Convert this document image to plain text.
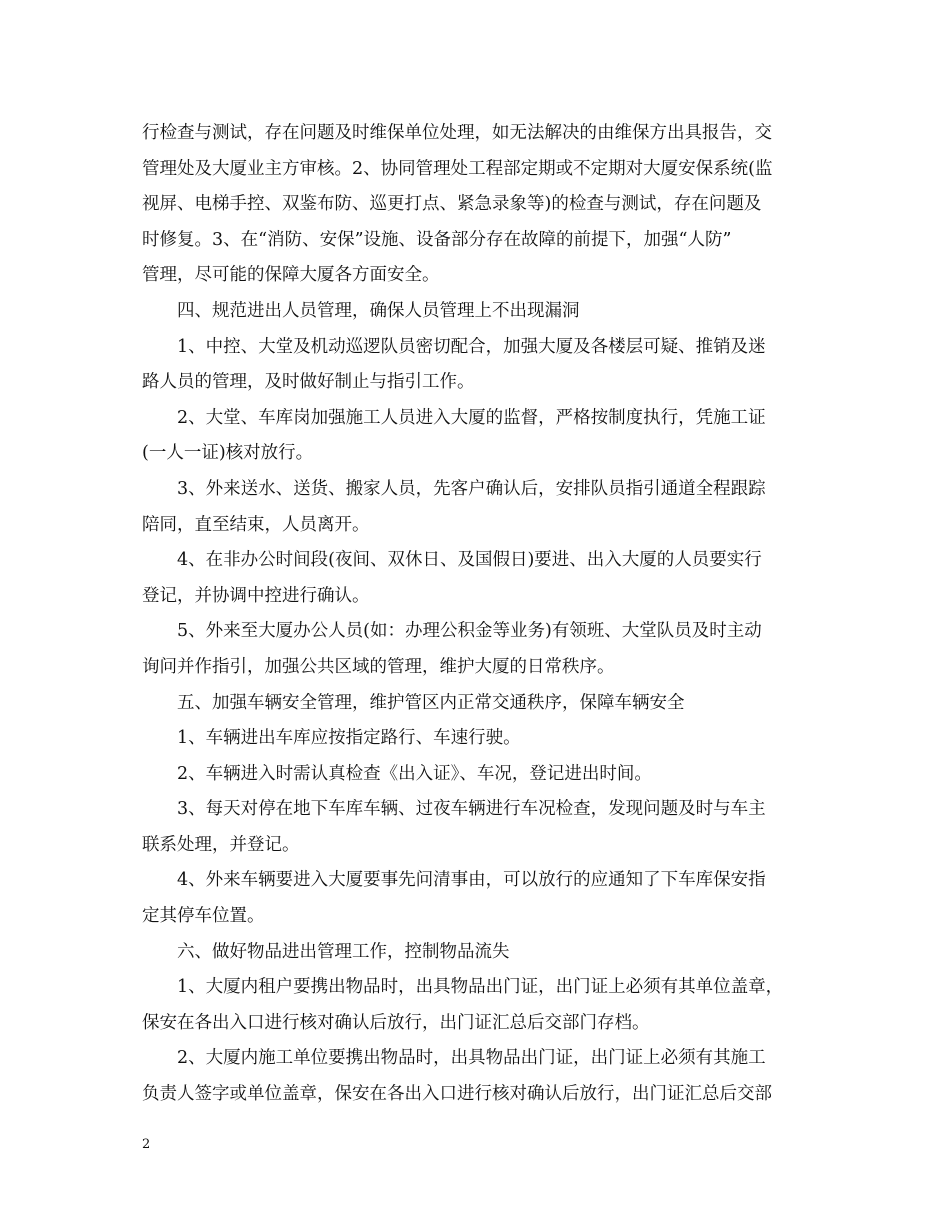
行检查与测试，存在问题及时维保单位处理，如无法解决的由维保方出具报告，交
管理处及大厦业主方审核。2、协同管理处工程部定期或不定期对大厦安保系统(监
视屏、电梯手控、双鉴布防、巡更打点、紧急录象等)的检查与测试，存在问题及
时修复。3、在“消防、安保”设施、设备部分存在故障的前提下，加强“人防”
管理，尽可能的保障大厦各方面安全。
四、规范进出人员管理，确保人员管理上不出现漏洞
1、中控、大堂及机动巡逻队员密切配合，加强大厦及各楼层可疑、推销及迷
路人员的管理，及时做好制止与指引工作。
2、大堂、车库岗加强施工人员进入大厦的监督，严格按制度执行，凭施工证
(一人一证)核对放行。
3、外来送水、送货、搬家人员，先客户确认后，安排队员指引通道全程跟踪
陪同，直至结束，人员离开。
4、在非办公时间段(夜间、双休日、及国假日)要进、出入大厦的人员要实行
登记，并协调中控进行确认。
5、外来至大厦办公人员(如：办理公积金等业务)有领班、大堂队员及时主动
询问并作指引，加强公共区域的管理，维护大厦的日常秩序。
五、加强车辆安全管理，维护管区内正常交通秩序，保障车辆安全
1、车辆进出车库应按指定路行、车速行驶。
2、车辆进入时需认真检查《出入证》、车况，登记进出时间。
3、每天对停在地下车库车辆、过夜车辆进行车况检查，发现问题及时与车主
联系处理，并登记。
4、外来车辆要进入大厦要事先问清事由，可以放行的应通知了下车库保安指
定其停车位置。
六、做好物品进出管理工作，控制物品流失
1、大厦内租户要携出物品时，出具物品出门证，出门证上必须有其单位盖章，
保安在各出入口进行核对确认后放行，出门证汇总后交部门存档。
2、大厦内施工单位要携出物品时，出具物品出门证，出门证上必须有其施工
负责人签字或单位盖章，保安在各出入口进行核对确认后放行，出门证汇总后交部
2
